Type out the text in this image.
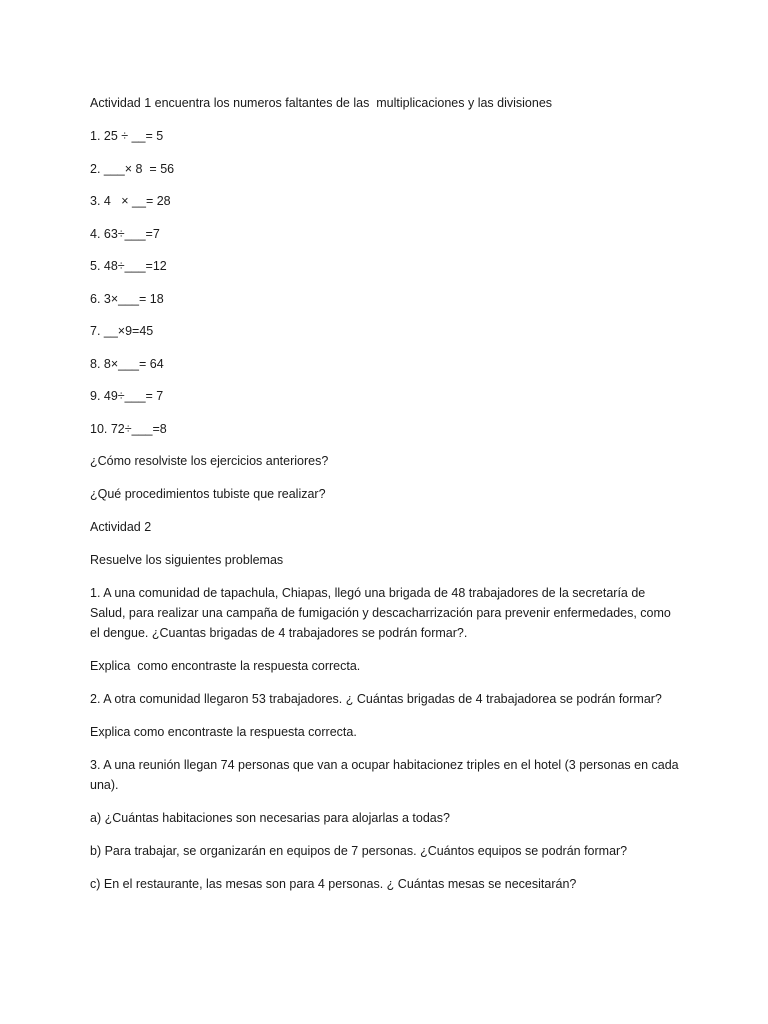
Actividad 1 encuentra los numeros faltantes de las  multiplicaciones y las divisiones

1. 25 ÷ __= 5

2. ___× 8  = 56

3. 4   × __= 28

4. 63÷___=7

5. 48÷___=12

6. 3×___= 18

7. __×9=45

8. 8×___= 64

9. 49÷___= 7

10. 72÷___=8

¿Cómo resolviste los ejercicios anteriores?

¿Qué procedimientos tubiste que realizar?

Actividad 2

Resuelve los siguientes problemas

1. A una comunidad de tapachula, Chiapas, llegó una brigada de 48 trabajadores de la secretaría de Salud, para realizar una campaña de fumigación y descacharrización para prevenir enfermedades, como el dengue. ¿Cuantas brigadas de 4 trabajadores se podrán formar?.

Explica  como encontraste la respuesta correcta.

2. A otra comunidad llegaron 53 trabajadores. ¿ Cuántas brigadas de 4 trabajadorea se podrán formar?

Explica como encontraste la respuesta correcta.

3. A una reunión llegan 74 personas que van a ocupar habitacionez triples en el hotel (3 personas en cada una).

a) ¿Cuántas habitaciones son necesarias para alojarlas a todas?

b) Para trabajar, se organizarán en equipos de 7 personas. ¿Cuántos equipos se podrán formar?

c) En el restaurante, las mesas son para 4 personas. ¿ Cuántas mesas se necesitarán?
